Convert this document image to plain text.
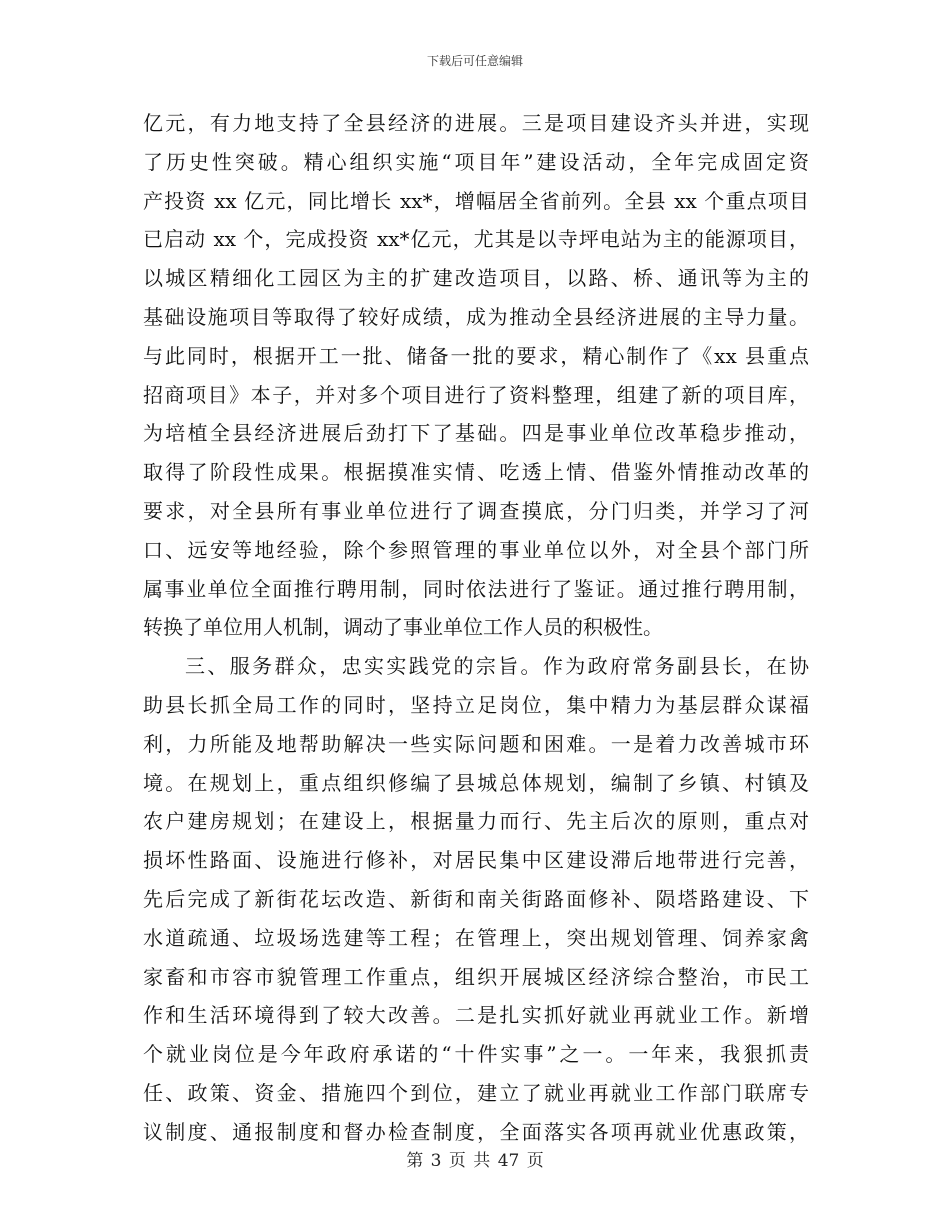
下载后可任意编辑
亿元，有力地支持了全县经济的进展。三是项目建设齐头并进，实现
了历史性突破。精心组织实施“项目年”建设活动，全年完成固定资
产投资 xx 亿元，同比增长 xx*，增幅居全省前列。全县 xx 个重点项目
已启动 xx 个，完成投资 xx*亿元，尤其是以寺坪电站为主的能源项目，
以城区精细化工园区为主的扩建改造项目，以路、桥、通讯等为主的
基础设施项目等取得了较好成绩，成为推动全县经济进展的主导力量。
与此同时，根据开工一批、储备一批的要求，精心制作了《xx 县重点
招商项目》本子，并对多个项目进行了资料整理，组建了新的项目库，
为培植全县经济进展后劲打下了基础。四是事业单位改革稳步推动，
取得了阶段性成果。根据摸准实情、吃透上情、借鉴外情推动改革的
要求，对全县所有事业单位进行了调查摸底，分门归类，并学习了河
口、远安等地经验，除个参照管理的事业单位以外，对全县个部门所
属事业单位全面推行聘用制，同时依法进行了鉴证。通过推行聘用制，
转换了单位用人机制，调动了事业单位工作人员的积极性。
三、服务群众，忠实实践党的宗旨。作为政府常务副县长，在协
助县长抓全局工作的同时，坚持立足岗位，集中精力为基层群众谋福
利，力所能及地帮助解决一些实际问题和困难。一是着力改善城市环
境。在规划上，重点组织修编了县城总体规划，编制了乡镇、村镇及
农户建房规划；在建设上，根据量力而行、先主后次的原则，重点对
损坏性路面、设施进行修补，对居民集中区建设滞后地带进行完善，
先后完成了新街花坛改造、新街和南关街路面修补、陨塔路建设、下
水道疏通、垃圾场选建等工程；在管理上，突出规划管理、饲养家禽
家畜和市容市貌管理工作重点，组织开展城区经济综合整治，市民工
作和生活环境得到了较大改善。二是扎实抓好就业再就业工作。新增
个就业岗位是今年政府承诺的“十件实事”之一。一年来，我狠抓责
任、政策、资金、措施四个到位，建立了就业再就业工作部门联席专
议制度、通报制度和督办检查制度，全面落实各项再就业优惠政策，
第 3 页 共 47 页
